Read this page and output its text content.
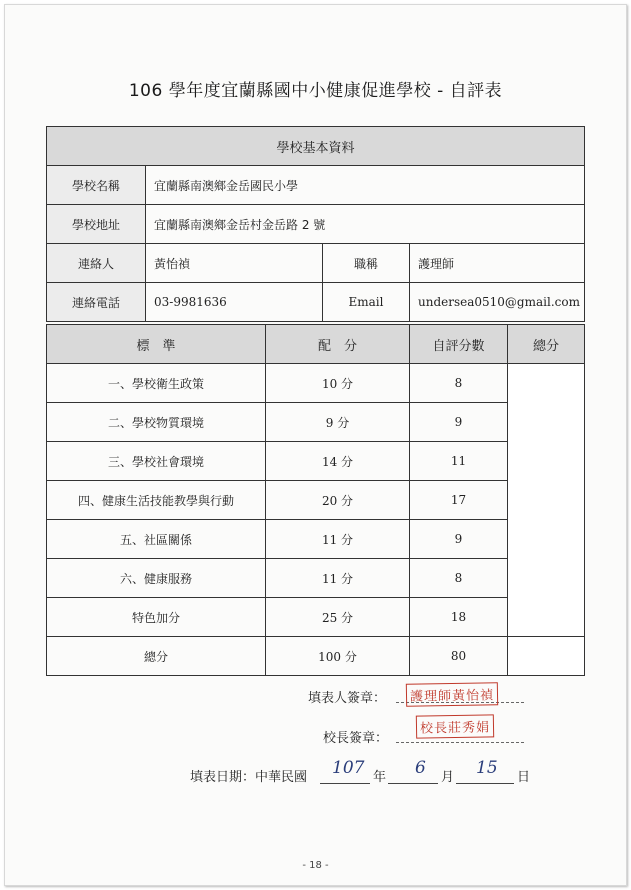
106 學年度宜蘭縣國中小健康促進學校 - 自評表
學校基本資料			
學校名稱	宜蘭縣南澳鄉金岳國民小學		
學校地址	宜蘭縣南澳鄉金岳村金岳路 2 號		
連絡人	黃怡禎	職稱	護理師
連絡電話	03-9981636	Email	undersea0510@gmail.com
標　準	配　分	自評分數	總分
一、學校衛生政策	10 分	8	
二、學校物質環境	9 分	9	
三、學校社會環境	14 分	11	
四、健康生活技能教學與行動	20 分	17	
五、社區關係	11 分	9	
六、健康服務	11 分	8	
特色加分	25 分	18	
總分	100 分	80	
填表人簽章：	護理師黃怡禎
校長簽章：
校長莊秀娟
填表日期：中華民國 107 年 6 月 15 日
- 18 -
